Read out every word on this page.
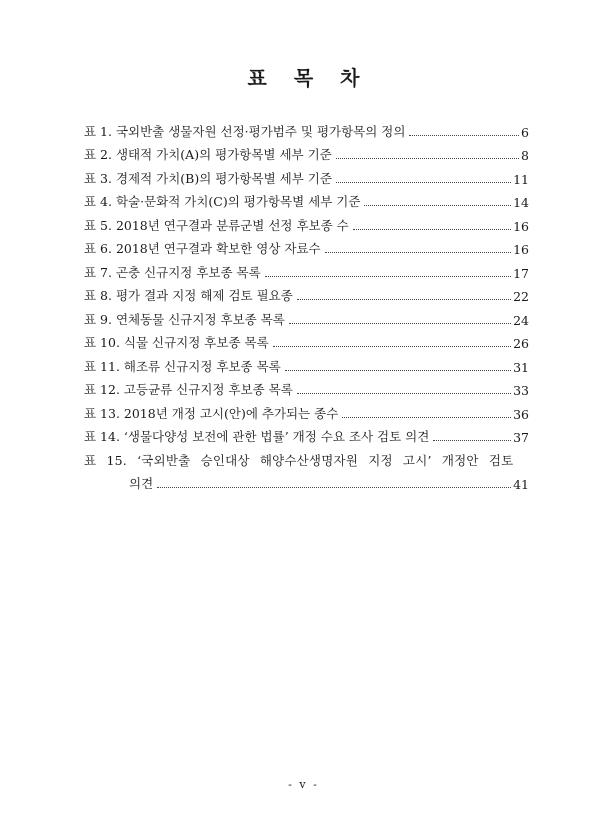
표 목 차
표 1. 국외반출 생물자원 선정·평가범주 및 평가항목의 정의	6
표 2. 생태적 가치(A)의 평가항목별 세부 기준	8
표 3. 경제적 가치(B)의 평가항목별 세부 기준	11
표 4. 학술·문화적 가치(C)의 평가항목별 세부 기준	14
표 5. 2018년 연구결과 분류군별 선정 후보종 수	16
표 6. 2018년 연구결과 확보한 영상 자료수	16
표 7. 곤충 신규지정 후보종 목록	17
표 8. 평가 결과 지정 해제 검토 필요종	22
표 9. 연체동물 신규지정 후보종 목록	24
표 10. 식물 신규지정 후보종 목록	26
표 11. 해조류 신규지정 후보종 목록	31
표 12. 고등균류 신규지정 후보종 목록	33
표 13. 2018년 개정 고시(안)에 추가되는 종수	36
표 14. ‘생물다양성 보전에 관한 법률’ 개정 수요 조사 검토 의견	37
표 15. ‘국외반출 승인대상 해양수산생명자원 지정 고시’ 개정안 검토
의견	41
- v -
